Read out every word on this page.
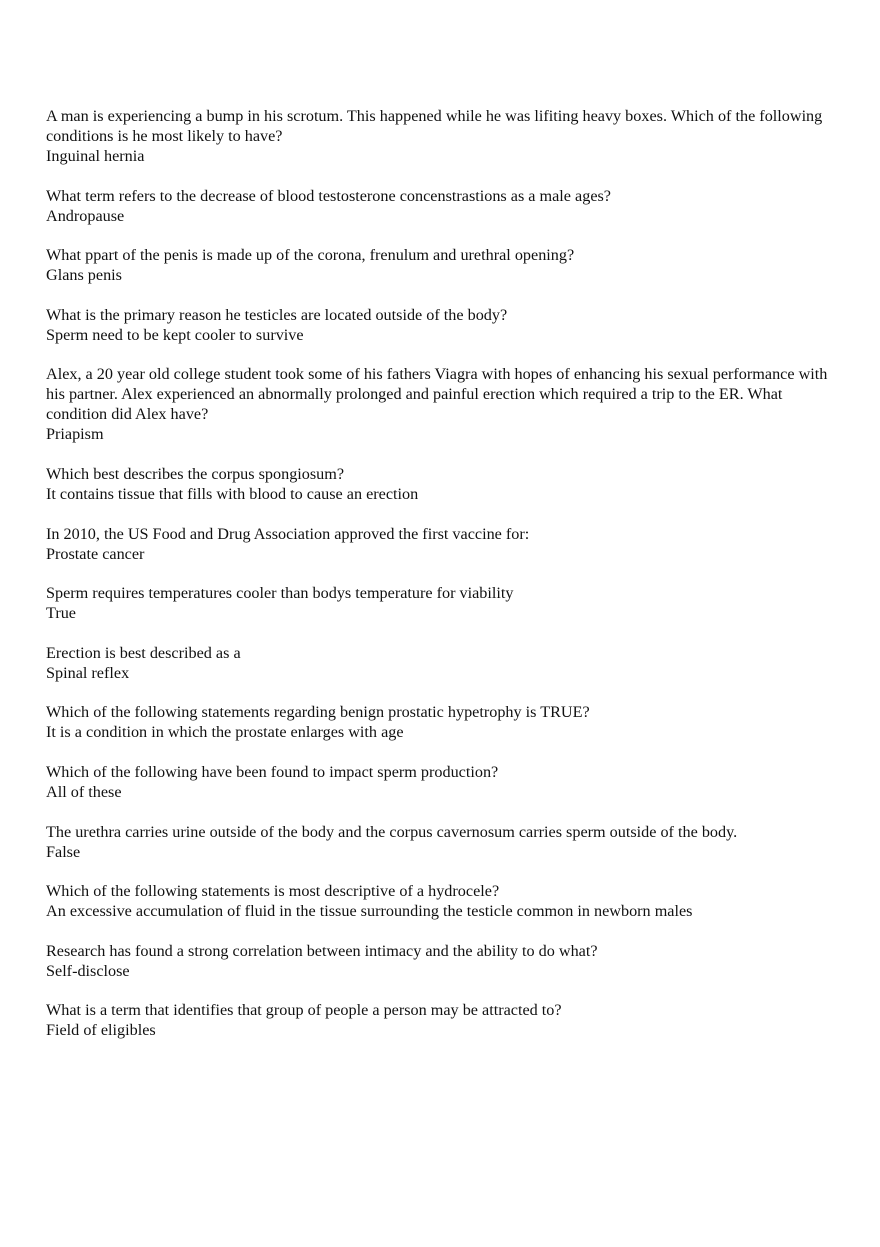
A man is experiencing a bump in his scrotum. This happened while he was lifiting heavy boxes. Which of the following conditions is he most likely to have?
Inguinal hernia
What term refers to the decrease of blood testosterone concenstrastions as a male ages?
Andropause
What ppart of the penis is made up of the corona, frenulum and urethral opening?
Glans penis
What is the primary reason he testicles are located outside of the body?
Sperm need to be kept cooler to survive
Alex, a 20 year old college student took some of his fathers Viagra with hopes of enhancing his sexual performance with his partner. Alex experienced an abnormally prolonged and painful erection which required a trip to the ER. What condition did Alex have?
Priapism
Which best describes the corpus spongiosum?
It contains tissue that fills with blood to cause an erection
In 2010, the US Food and Drug Association approved the first vaccine for:
Prostate cancer
Sperm requires temperatures cooler than bodys temperature for viability
True
Erection is best described as a
Spinal reflex
Which of the following statements regarding benign prostatic hypetrophy is TRUE?
It is a condition in which the prostate enlarges with age
Which of the following have been found to impact sperm production?
All of these
The urethra carries urine outside of the body and the corpus cavernosum carries sperm outside of the body.
False
Which of the following statements is most descriptive of a hydrocele?
An excessive accumulation of fluid in the tissue surrounding the testicle common in newborn males
Research has found a strong correlation between intimacy and the ability to do what?
Self-disclose
What is a term that identifies that group of people a person may be attracted to?
Field of eligibles
